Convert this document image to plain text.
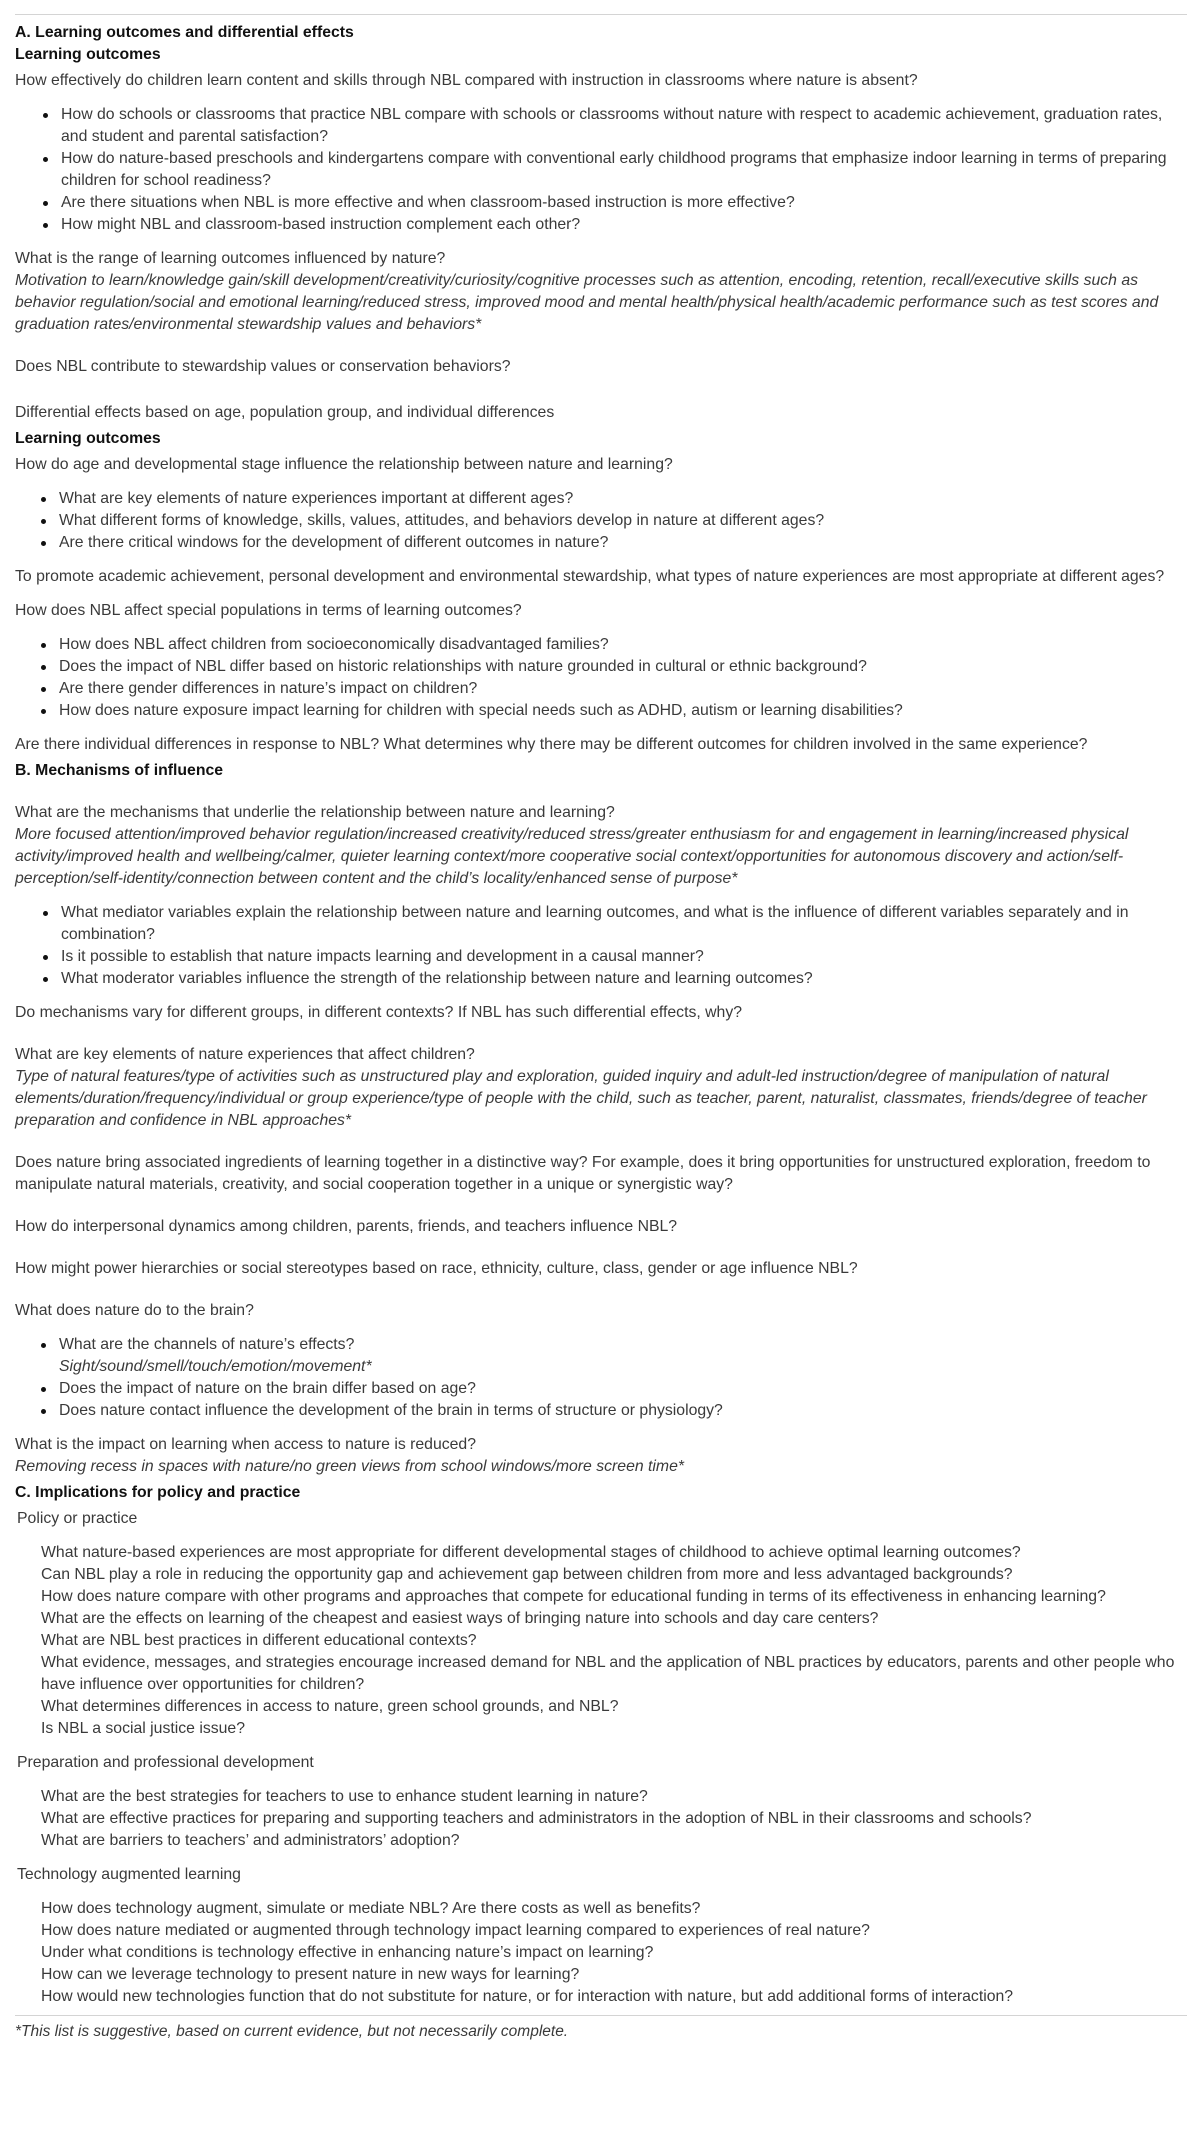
A. Learning outcomes and differential effects

Learning outcomes

How effectively do children learn content and skills through NBL compared with instruction in classrooms where nature is absent?

How do schools or classrooms that practice NBL compare with schools or classrooms without nature with respect to academic achievement, graduation rates, and student and parental satisfaction?
How do nature-based preschools and kindergartens compare with conventional early childhood programs that emphasize indoor learning in terms of preparing children for school readiness?
Are there situations when NBL is more effective and when classroom-based instruction is more effective?
How might NBL and classroom-based instruction complement each other?

What is the range of learning outcomes influenced by nature?

Motivation to learn/knowledge gain/skill development/creativity/curiosity/cognitive processes such as attention, encoding, retention, recall/executive skills such as behavior regulation/social and emotional learning/reduced stress, improved mood and mental health/physical health/academic performance such as test scores and graduation rates/environmental stewardship values and behaviors*

Does NBL contribute to stewardship values or conservation behaviors?

Differential effects based on age, population group, and individual differences

Learning outcomes

How do age and developmental stage influence the relationship between nature and learning?

What are key elements of nature experiences important at different ages?
What different forms of knowledge, skills, values, attitudes, and behaviors develop in nature at different ages?
Are there critical windows for the development of different outcomes in nature?

To promote academic achievement, personal development and environmental stewardship, what types of nature experiences are most appropriate at different ages?

How does NBL affect special populations in terms of learning outcomes?

How does NBL affect children from socioeconomically disadvantaged families?
Does the impact of NBL differ based on historic relationships with nature grounded in cultural or ethnic background?
Are there gender differences in nature’s impact on children?
How does nature exposure impact learning for children with special needs such as ADHD, autism or learning disabilities?

Are there individual differences in response to NBL? What determines why there may be different outcomes for children involved in the same experience?

B. Mechanisms of influence

What are the mechanisms that underlie the relationship between nature and learning?

More focused attention/improved behavior regulation/increased creativity/reduced stress/greater enthusiasm for and engagement in learning/increased physical activity/improved health and wellbeing/calmer, quieter learning context/more cooperative social context/opportunities for autonomous discovery and action/self-perception/self-identity/connection between content and the child’s locality/enhanced sense of purpose*

What mediator variables explain the relationship between nature and learning outcomes, and what is the influence of different variables separately and in combination?
Is it possible to establish that nature impacts learning and development in a causal manner?
What moderator variables influence the strength of the relationship between nature and learning outcomes?

Do mechanisms vary for different groups, in different contexts? If NBL has such differential effects, why?

What are key elements of nature experiences that affect children?

Type of natural features/type of activities such as unstructured play and exploration, guided inquiry and adult-led instruction/degree of manipulation of natural elements/duration/frequency/individual or group experience/type of people with the child, such as teacher, parent, naturalist, classmates, friends/degree of teacher preparation and confidence in NBL approaches*

Does nature bring associated ingredients of learning together in a distinctive way? For example, does it bring opportunities for unstructured exploration, freedom to manipulate natural materials, creativity, and social cooperation together in a unique or synergistic way?

How do interpersonal dynamics among children, parents, friends, and teachers influence NBL?

How might power hierarchies or social stereotypes based on race, ethnicity, culture, class, gender or age influence NBL?

What does nature do to the brain?

What are the channels of nature’s effects?
Sight/sound/smell/touch/emotion/movement*
Does the impact of nature on the brain differ based on age?
Does nature contact influence the development of the brain in terms of structure or physiology?

What is the impact on learning when access to nature is reduced?

Removing recess in spaces with nature/no green views from school windows/more screen time*

C. Implications for policy and practice

Policy or practice

What nature-based experiences are most appropriate for different developmental stages of childhood to achieve optimal learning outcomes?
Can NBL play a role in reducing the opportunity gap and achievement gap between children from more and less advantaged backgrounds?
How does nature compare with other programs and approaches that compete for educational funding in terms of its effectiveness in enhancing learning?
What are the effects on learning of the cheapest and easiest ways of bringing nature into schools and day care centers?
What are NBL best practices in different educational contexts?
What evidence, messages, and strategies encourage increased demand for NBL and the application of NBL practices by educators, parents and other people who have influence over opportunities for children?
What determines differences in access to nature, green school grounds, and NBL?
Is NBL a social justice issue?

Preparation and professional development

What are the best strategies for teachers to use to enhance student learning in nature?
What are effective practices for preparing and supporting teachers and administrators in the adoption of NBL in their classrooms and schools?
What are barriers to teachers’ and administrators’ adoption?

Technology augmented learning

How does technology augment, simulate or mediate NBL? Are there costs as well as benefits?
How does nature mediated or augmented through technology impact learning compared to experiences of real nature?
Under what conditions is technology effective in enhancing nature’s impact on learning?
How can we leverage technology to present nature in new ways for learning?
How would new technologies function that do not substitute for nature, or for interaction with nature, but add additional forms of interaction?

*This list is suggestive, based on current evidence, but not necessarily complete.
